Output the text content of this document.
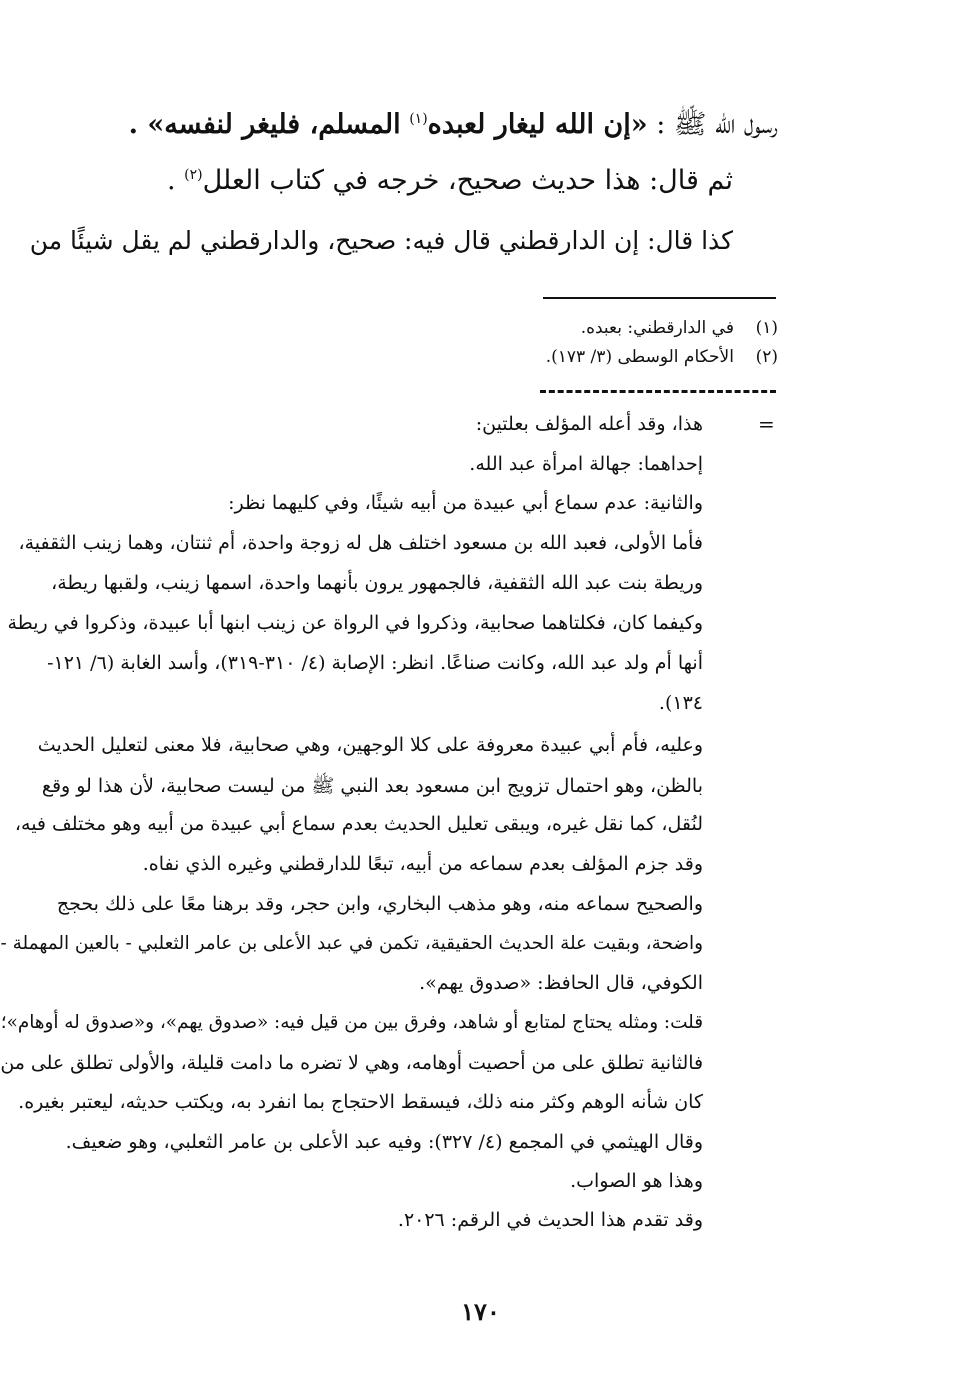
رسول الله ﷺ : «إن الله ليغار لعبده$^{(١)}$ المسلم، فليغر لنفسه» .
ثم قال: هذا حديث صحيح، خرجه في كتاب العلل$^{(٢)}$ .
كذا قال: إن الدارقطني قال فيه: صحيح، والدارقطني لم يقل شيئًا من
(١)    في الدارقطني: بعبده.
(٢)    الأحكام الوسطى (٣/ ١٧٣).
=
هذا، وقد أعله المؤلف بعلتين:
إحداهما: جهالة امرأة عبد الله.
والثانية: عدم سماع أبي عبيدة من أبيه شيئًا، وفي كليهما نظر:
فأما الأولى، فعبد الله بن مسعود اختلف هل له زوجة واحدة، أم ثنتان، وهما زينب الثقفية،
وريطة بنت عبد الله الثقفية، فالجمهور يرون بأنهما واحدة، اسمها زينب، ولقبها ريطة،
وكيفما كان، فكلتاهما صحابية، وذكروا في الرواة عن زينب ابنها أبا عبيدة، وذكروا في ريطة
أنها أم ولد عبد الله، وكانت صناعًا. انظر: الإصابة (٤/ ٣١٠-٣١٩)، وأسد الغابة (٦/ ١٢١-
١٣٤).
وعليه، فأم أبي عبيدة معروفة على كلا الوجهين، وهي صحابية، فلا معنى لتعليل الحديث
بالظن، وهو احتمال تزويج ابن مسعود بعد النبي ﷺ من ليست صحابية، لأن هذا لو وقع
لنُقل، كما نقل غيره، ويبقى تعليل الحديث بعدم سماع أبي عبيدة من أبيه وهو مختلف فيه،
وقد جزم المؤلف بعدم سماعه من أبيه، تبعًا للدارقطني وغيره الذي نفاه.
والصحيح سماعه منه، وهو مذهب البخاري، وابن حجر، وقد برهنا معًا على ذلك بحجج
واضحة، وبقيت علة الحديث الحقيقية، تكمن في عبد الأعلى بن عامر الثعلبي - بالعين المهملة -
الكوفي، قال الحافظ: «صدوق يهم».
قلت: ومثله يحتاج لمتابع أو شاهد، وفرق بين من قيل فيه: «صدوق يهم»، و«صدوق له أوهام»؛
فالثانية تطلق على من أحصيت أوهامه، وهي لا تضره ما دامت قليلة، والأولى تطلق على من
كان شأنه الوهم وكثر منه ذلك، فيسقط الاحتجاج بما انفرد به، ويكتب حديثه، ليعتبر بغيره.
وقال الهيثمي في المجمع (٤/ ٣٢٧): وفيه عبد الأعلى بن عامر الثعلبي، وهو ضعيف.
وهذا هو الصواب.
وقد تقدم هذا الحديث في الرقم: ٢٠٢٦.
١٧٠
